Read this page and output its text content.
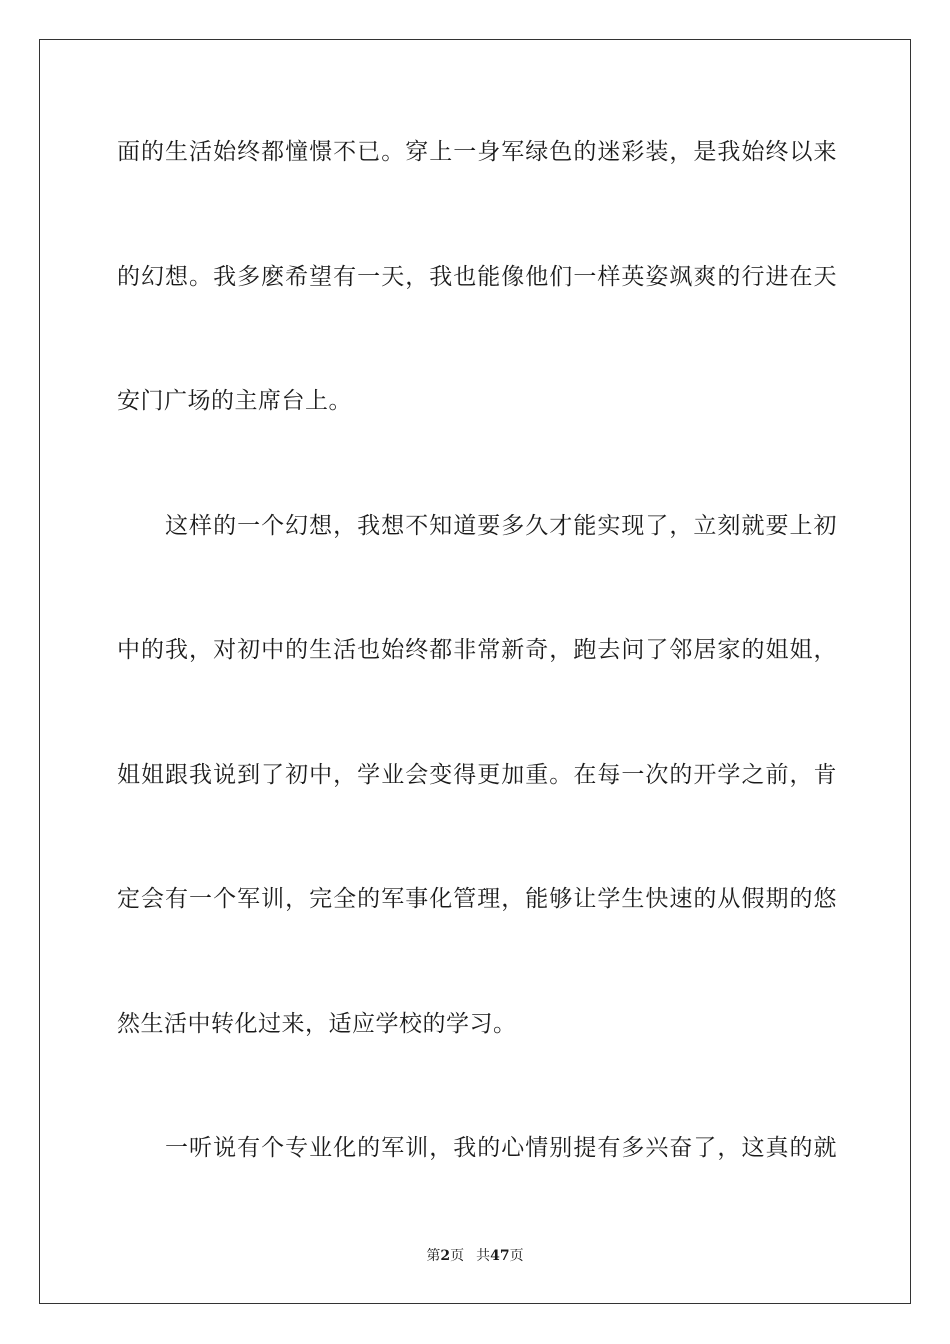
面的生活始终都憧憬不已。穿上一身军绿色的迷彩装，是我始终以来
的幻想。我多麽希望有一天，我也能像他们一样英姿飒爽的行进在天
安门广场的主席台上。
　　这样的一个幻想，我想不知道要多久才能实现了，立刻就要上初
中的我，对初中的生活也始终都非常新奇，跑去问了邻居家的姐姐，
姐姐跟我说到了初中，学业会变得更加重。在每一次的开学之前，肯
定会有一个军训，完全的军事化管理，能够让学生快速的从假期的悠
然生活中转化过来，适应学校的学习。
　　一听说有个专业化的军训，我的心情别提有多兴奋了，这真的就
第2页 共47页
